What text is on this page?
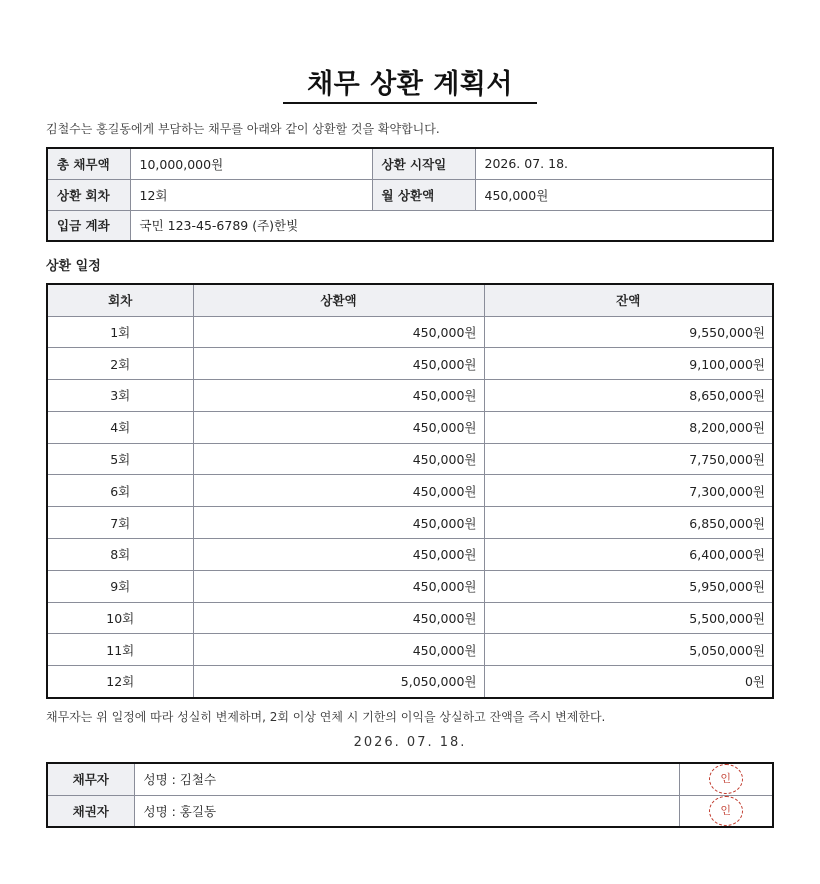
채무 상환 계획서
김철수는 홍길동에게 부담하는 채무를 아래와 같이 상환할 것을 확약합니다.
총 채무액	10,000,000원	상환 시작일	2026. 07. 18.
상환 회차	12회	월 상환액	450,000원
입금 계좌	국민 123-45-6789 (주)한빛		
상환 일정
회차	상환액	잔액
1회	450,000원	9,550,000원
2회	450,000원	9,100,000원
3회	450,000원	8,650,000원
4회	450,000원	8,200,000원
5회	450,000원	7,750,000원
6회	450,000원	7,300,000원
7회	450,000원	6,850,000원
8회	450,000원	6,400,000원
9회	450,000원	5,950,000원
10회	450,000원	5,500,000원
11회	450,000원	5,050,000원
12회	5,050,000원	0원
채무자는 위 일정에 따라 성실히 변제하며, 2회 이상 연체 시 기한의 이익을 상실하고 잔액을 즉시 변제한다.
2026. 07. 18.
채무자	성명 : 김철수	인
채권자	성명 : 홍길동	인
